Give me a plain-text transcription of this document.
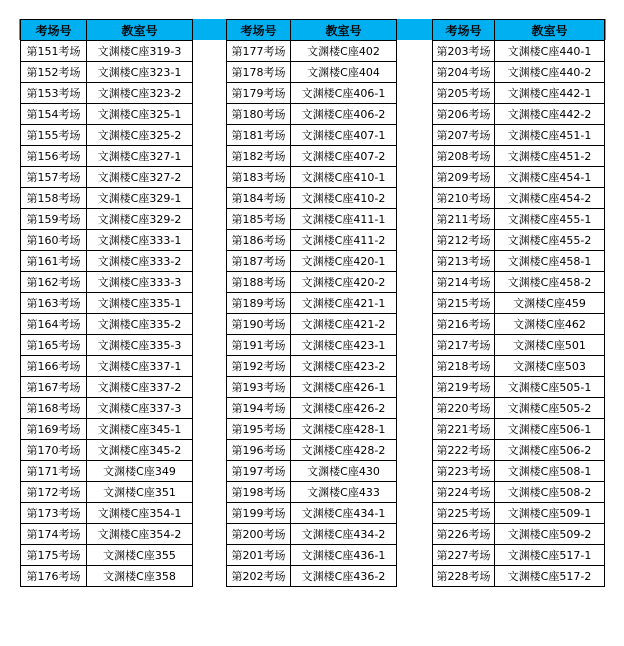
考场号	教室号
第151考场	文渊楼C座319-3
第152考场	文渊楼C座323-1
第153考场	文渊楼C座323-2
第154考场	文渊楼C座325-1
第155考场	文渊楼C座325-2
第156考场	文渊楼C座327-1
第157考场	文渊楼C座327-2
第158考场	文渊楼C座329-1
第159考场	文渊楼C座329-2
第160考场	文渊楼C座333-1
第161考场	文渊楼C座333-2
第162考场	文渊楼C座333-3
第163考场	文渊楼C座335-1
第164考场	文渊楼C座335-2
第165考场	文渊楼C座335-3
第166考场	文渊楼C座337-1
第167考场	文渊楼C座337-2
第168考场	文渊楼C座337-3
第169考场	文渊楼C座345-1
第170考场	文渊楼C座345-2
第171考场	文渊楼C座349
第172考场	文渊楼C座351
第173考场	文渊楼C座354-1
第174考场	文渊楼C座354-2
第175考场	文渊楼C座355
第176考场	文渊楼C座358
考场号	教室号
第177考场	文渊楼C座402
第178考场	文渊楼C座404
第179考场	文渊楼C座406-1
第180考场	文渊楼C座406-2
第181考场	文渊楼C座407-1
第182考场	文渊楼C座407-2
第183考场	文渊楼C座410-1
第184考场	文渊楼C座410-2
第185考场	文渊楼C座411-1
第186考场	文渊楼C座411-2
第187考场	文渊楼C座420-1
第188考场	文渊楼C座420-2
第189考场	文渊楼C座421-1
第190考场	文渊楼C座421-2
第191考场	文渊楼C座423-1
第192考场	文渊楼C座423-2
第193考场	文渊楼C座426-1
第194考场	文渊楼C座426-2
第195考场	文渊楼C座428-1
第196考场	文渊楼C座428-2
第197考场	文渊楼C座430
第198考场	文渊楼C座433
第199考场	文渊楼C座434-1
第200考场	文渊楼C座434-2
第201考场	文渊楼C座436-1
第202考场	文渊楼C座436-2
考场号	教室号
第203考场	文渊楼C座440-1
第204考场	文渊楼C座440-2
第205考场	文渊楼C座442-1
第206考场	文渊楼C座442-2
第207考场	文渊楼C座451-1
第208考场	文渊楼C座451-2
第209考场	文渊楼C座454-1
第210考场	文渊楼C座454-2
第211考场	文渊楼C座455-1
第212考场	文渊楼C座455-2
第213考场	文渊楼C座458-1
第214考场	文渊楼C座458-2
第215考场	文渊楼C座459
第216考场	文渊楼C座462
第217考场	文渊楼C座501
第218考场	文渊楼C座503
第219考场	文渊楼C座505-1
第220考场	文渊楼C座505-2
第221考场	文渊楼C座506-1
第222考场	文渊楼C座506-2
第223考场	文渊楼C座508-1
第224考场	文渊楼C座508-2
第225考场	文渊楼C座509-1
第226考场	文渊楼C座509-2
第227考场	文渊楼C座517-1
第228考场	文渊楼C座517-2
